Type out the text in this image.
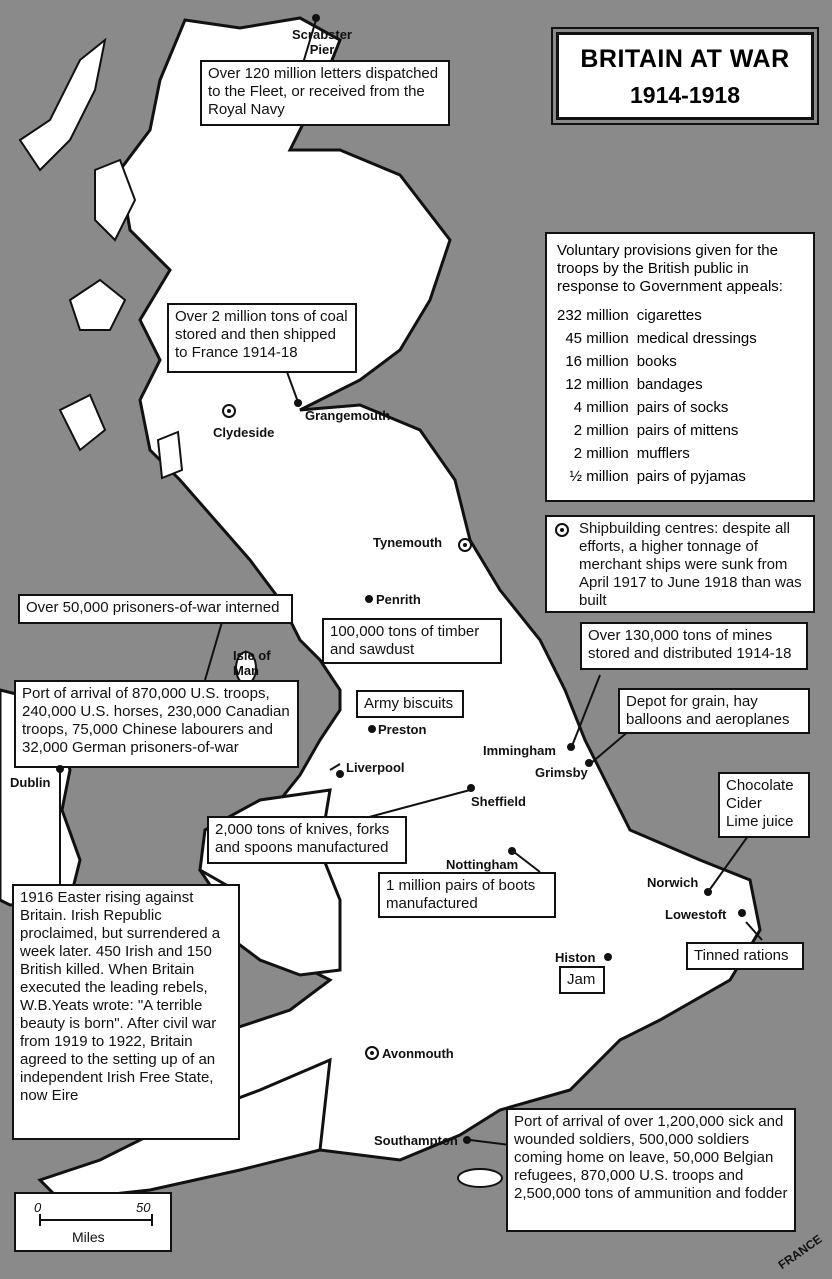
BRITAIN AT WAR
1914-1918
Voluntary provisions given for the troops by the British public in response to Government appeals:
232 million	cigarettes
45 million	medical dressings
16 million	books
12 million	bandages
4 million	pairs of socks
2 million	pairs of mittens
2 million	mufflers
½ million	pairs of pyjamas
Shipbuilding centres: despite all efforts, a higher tonnage of merchant ships were sunk from April 1917 to June 1918 than was built
Over 120 million letters dispatched to the Fleet, or received from the Royal Navy
Over 2 million tons of coal stored and then shipped to France 1914-18
Over 50,000 prisoners-of-war interned
100,000 tons of timber and sawdust
Over 130,000 tons of mines stored and distributed 1914-18
Depot for grain, hay balloons and aeroplanes
Port of arrival of 870,000 U.S. troops, 240,000 U.S. horses, 230,000 Canadian troops, 75,000 Chinese labourers and 32,000 German prisoners-of-war
Army biscuits
Chocolate
Cider
Lime juice
2,000 tons of knives, forks and spoons manufactured
1 million pairs of boots manufactured
Tinned rations
Jam
1916 Easter rising against Britain. Irish Republic proclaimed, but surrendered a week later. 450 Irish and 150 British killed. When Britain executed the leading rebels, W.B.Yeats wrote: "A terrible beauty is born". After civil war from 1919 to 1922, Britain agreed to the setting up of an independent Irish Free State, now Eire
Port of arrival of over 1,200,000 sick and wounded soldiers, 500,000 soldiers coming home on leave, 50,000 Belgian refugees, 870,000 U.S. troops and 2,500,000 tons of ammunition and fodder
Scrabster Pier
Clydeside
Grangemouth
Tynemouth
Penrith
Isle of Man
Preston
Liverpool
Dublin
Immingham
Grimsby
Sheffield
Nottingham
Norwich
Lowestoft
Histon
Avonmouth
Southampton
FRANCE
0	50
Miles
